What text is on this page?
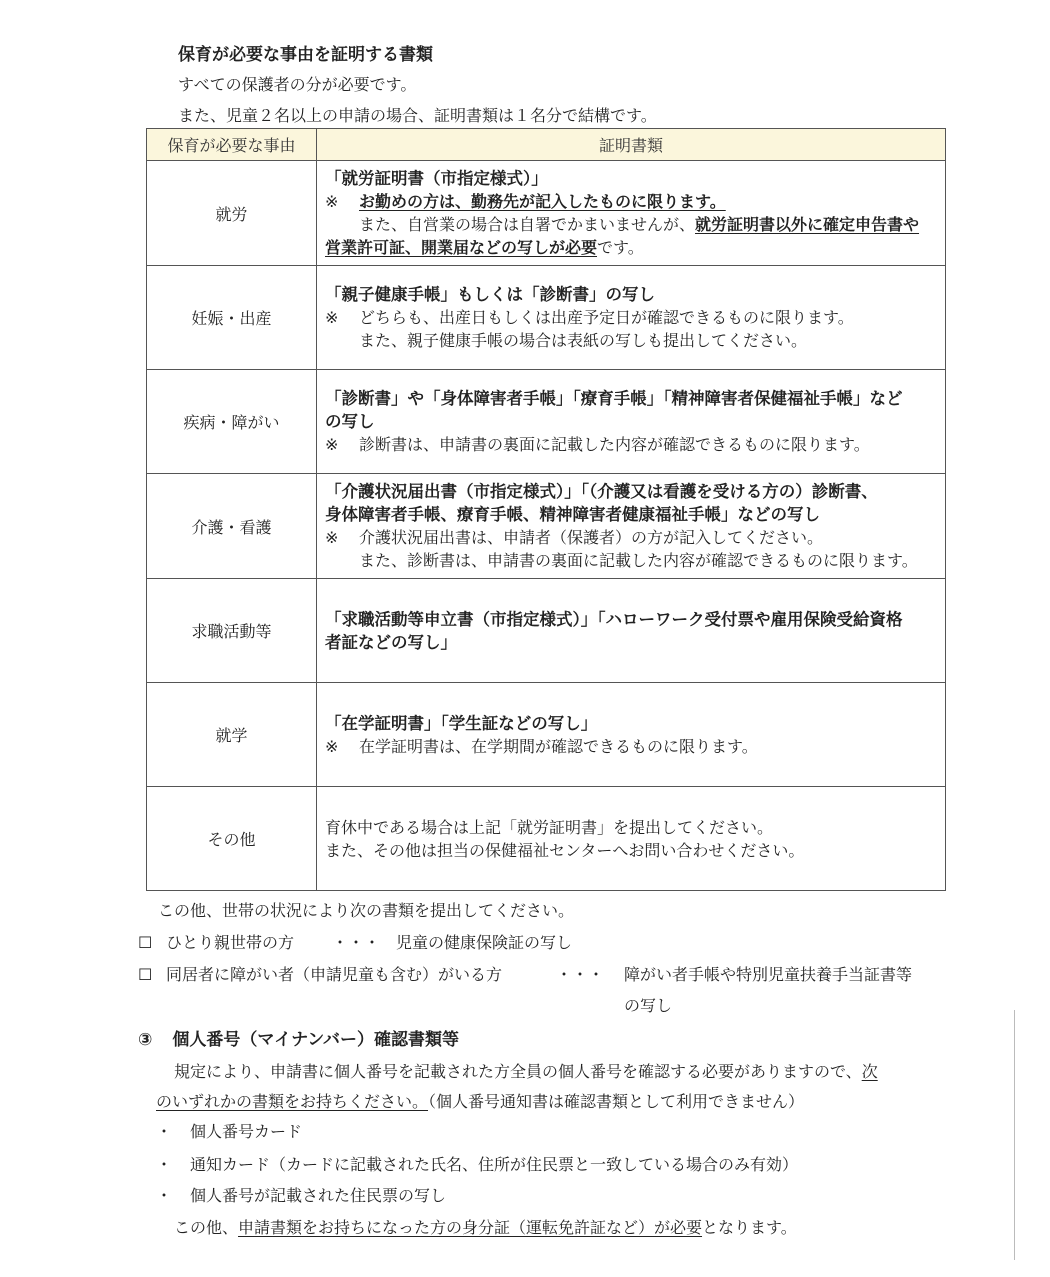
保育が必要な事由を証明する書類
すべての保護者の分が必要です。
また、児童２名以上の申請の場合、証明書類は１名分で結構です。
保育が必要な事由	証明書類
就労	「就労証明書（市指定様式）」
※ お勤めの方は、勤務先が記入したものに限ります。
また、自営業の場合は自署でかまいませんが、就労証明書以外に確定申告書や
営業許可証、開業届などの写しが必要です。

妊娠・出産	「親子健康手帳」もしくは「診断書」の写し
※ どちらも、出産日もしくは出産予定日が確認できるものに限ります。
また、親子健康手帳の場合は表紙の写しも提出してください。

疾病・障がい	「診断書」や「身体障害者手帳」「療育手帳」「精神障害者保健福祉手帳」など
の写し
※ 診断書は、申請書の裏面に記載した内容が確認できるものに限ります。

介護・看護	「介護状況届出書（市指定様式）」「（介護又は看護を受ける方の）診断書、
身体障害者手帳、療育手帳、精神障害者健康福祉手帳」などの写し
※ 介護状況届出書は、申請者（保護者）の方が記入してください。
また、診断書は、申請書の裏面に記載した内容が確認できるものに限ります。

求職活動等	「求職活動等申立書（市指定様式）」「ハローワーク受付票や雇用保険受給資格
者証などの写し」

就学	「在学証明書」「学生証などの写し」
※ 在学証明書は、在学期間が確認できるものに限ります。

その他	育休中である場合は上記「就労証明書」を提出してください。
また、その他は担当の保健福祉センターへお問い合わせください。
この他、世帯の状況により次の書類を提出してください。
☐ ひとり親世帯の方 ・・・ 児童の健康保険証の写し
☐ 同居者に障がい者（申請児童も含む）がいる方	・・・ 障がい者手帳や特別児童扶養手当証書等
の写し
③ 個人番号（マイナンバー）確認書類等
規定により、申請書に個人番号を記載された方全員の個人番号を確認する必要がありますので、次
のいずれかの書類をお持ちください。（個人番号通知書は確認書類として利用できません）
・ 個人番号カード
・ 通知カード（カードに記載された氏名、住所が住民票と一致している場合のみ有効）
・ 個人番号が記載された住民票の写し
この他、申請書類をお持ちになった方の身分証（運転免許証など）が必要となります。
